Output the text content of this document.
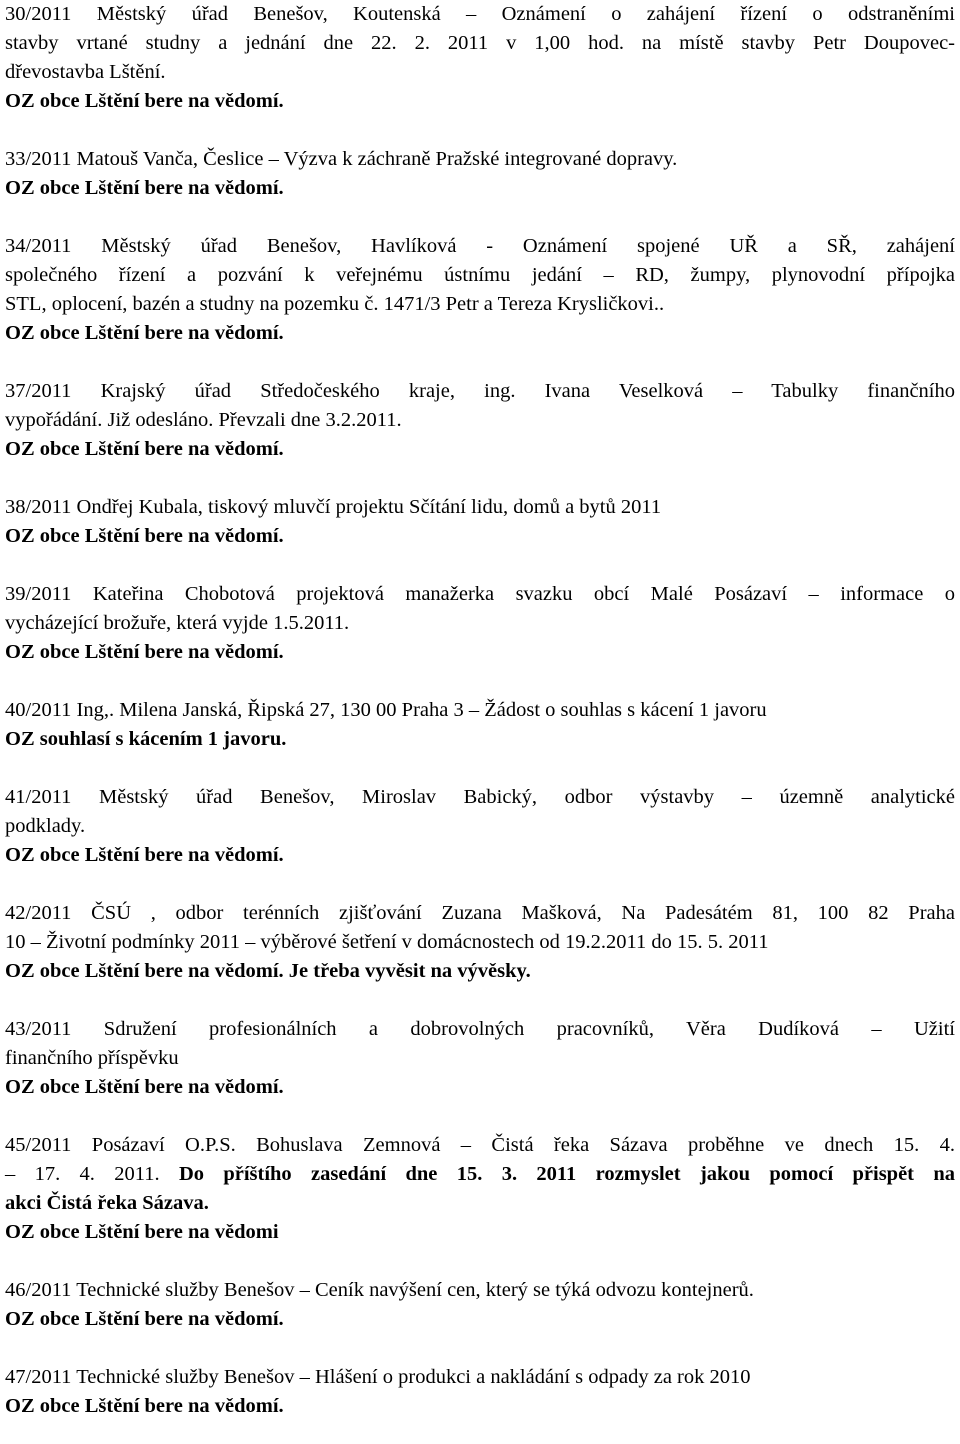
30/2011 Městský úřad Benešov, Koutenská – Oznámení o zahájení řízení o odstraněními
stavby vrtané studny a jednání dne 22. 2. 2011 v 1,00 hod. na místě stavby Petr Doupovec-
dřevostavba Lštění.
OZ obce Lštění bere na vědomí.
33/2011 Matouš Vanča, Česlice – Výzva k záchraně Pražské integrované dopravy.
OZ obce Lštění bere na vědomí.
34/2011 Městský úřad Benešov, Havlíková - Oznámení spojené UŘ a SŘ, zahájení
společného řízení a pozvání k veřejnému ústnímu jedání – RD, žumpy, plynovodní přípojka
STL, oplocení, bazén a studny na pozemku č. 1471/3 Petr a Tereza Krysličkovi..
OZ obce Lštění bere na vědomí.
37/2011 Krajský úřad Středočeského kraje, ing. Ivana Veselková – Tabulky finančního
vypořádání. Již odesláno. Převzali dne 3.2.2011.
OZ obce Lštění bere na vědomí.
38/2011 Ondřej Kubala, tiskový mluvčí projektu Sčítání lidu, domů a bytů 2011
OZ obce Lštění bere na vědomí.
39/2011 Kateřina Chobotová projektová manažerka svazku obcí Malé Posázaví – informace o
vycházející brožuře, která vyjde 1.5.2011.
OZ obce Lštění bere na vědomí.
40/2011 Ing,. Milena Janská, Řipská 27, 130 00 Praha 3 – Žádost o souhlas s kácení 1 javoru
OZ souhlasí s kácením 1 javoru.
41/2011 Městský úřad Benešov, Miroslav Babický, odbor výstavby – územně analytické
podklady.
OZ obce Lštění bere na vědomí.
42/2011 ČSÚ , odbor terénních zjišťování Zuzana Mašková, Na Padesátém 81, 100 82 Praha
10 – Životní podmínky 2011 – výběrové šetření v domácnostech od 19.2.2011 do 15. 5. 2011
OZ obce Lštění bere na vědomí. Je třeba vyvěsit na vývěsky.
43/2011 Sdružení profesionálních a dobrovolných pracovníků, Věra Dudíková – Užití
finančního příspěvku
OZ obce Lštění bere na vědomí.
45/2011 Posázaví O.P.S. Bohuslava Zemnová – Čistá řeka Sázava proběhne ve dnech 15. 4.
– 17. 4. 2011. Do příštího zasedání dne 15. 3. 2011 rozmyslet jakou pomocí přispět na
akci Čistá řeka Sázava.
OZ obce Lštění bere na vědomi
46/2011 Technické služby Benešov – Ceník navýšení cen, který se týká odvozu kontejnerů.
OZ obce Lštění bere na vědomí.
47/2011 Technické služby Benešov – Hlášení o produkci a nakládání s odpady za rok 2010
OZ obce Lštění bere na vědomí.
